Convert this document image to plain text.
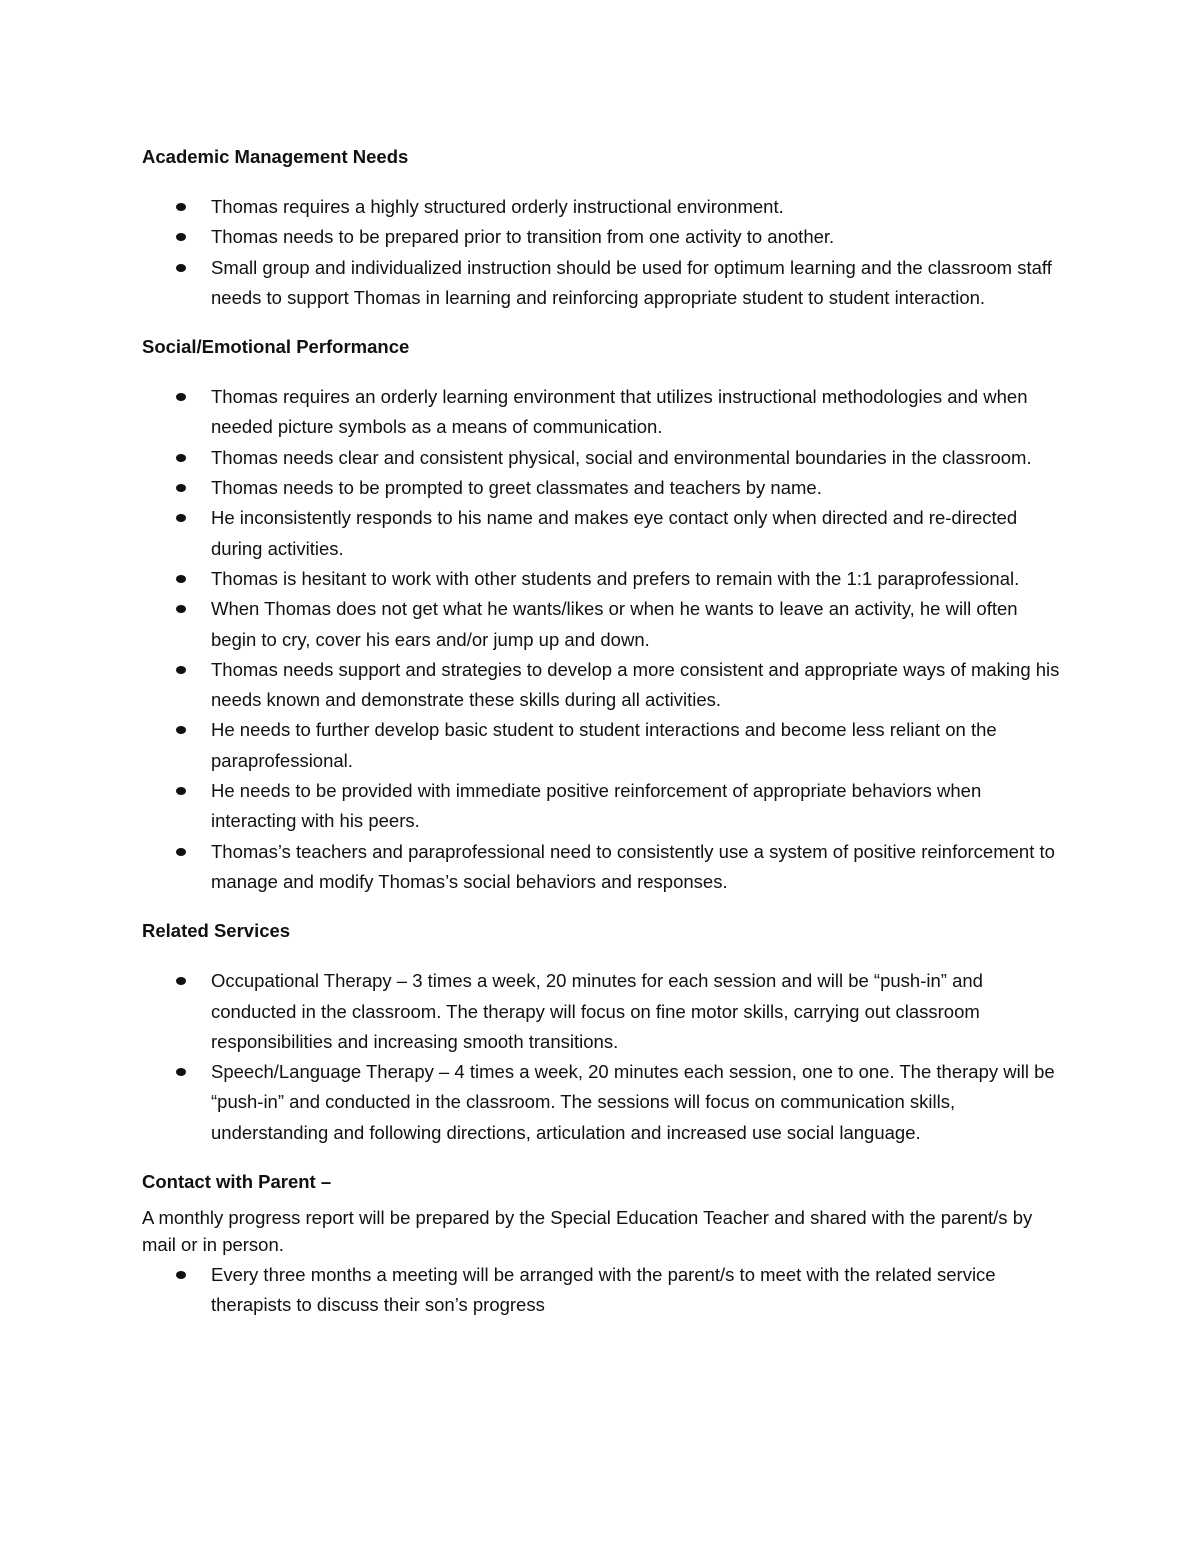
Academic Management Needs

Thomas requires a highly structured orderly instructional environment.
Thomas needs to be prepared prior to transition from one activity to another.
Small group and individualized instruction should be used for optimum learning and the classroom staff needs to support Thomas in learning and reinforcing appropriate student to student interaction.

Social/Emotional Performance

Thomas requires an orderly learning environment that utilizes instructional methodologies and when needed picture symbols as a means of communication.
Thomas needs clear and consistent physical, social and environmental boundaries in the classroom.
Thomas needs to be prompted to greet classmates and teachers by name.
He inconsistently responds to his name and makes eye contact only when directed and re-directed during activities.
Thomas is hesitant to work with other students and prefers to remain with the 1:1 paraprofessional.
When Thomas does not get what he wants/likes or when he wants to leave an activity, he will often begin to cry, cover his ears and/or jump up and down.
Thomas needs support and strategies to develop a more consistent and appropriate ways of making his needs known and demonstrate these skills during all activities.
He needs to further develop basic student to student interactions and become less reliant on the paraprofessional.
He needs to be provided with immediate positive reinforcement of appropriate behaviors when interacting with his peers.
Thomas’s teachers and paraprofessional need to consistently use a system of positive reinforcement to manage and modify Thomas’s social behaviors and responses.

Related Services

Occupational Therapy – 3 times a week, 20 minutes for each session and will be “push-in” and conducted in the classroom. The therapy will focus on fine motor skills, carrying out classroom responsibilities and increasing smooth transitions.
Speech/Language Therapy – 4 times a week, 20 minutes each session, one to one. The therapy will be “push-in” and conducted in the classroom. The sessions will focus on communication skills, understanding and following directions, articulation and increased use social language.

Contact with Parent –

A monthly progress report will be prepared by the Special Education Teacher and shared with the parent/s by mail or in person.

Every three months a meeting will be arranged with the parent/s to meet with the related service therapists to discuss their son’s progress
